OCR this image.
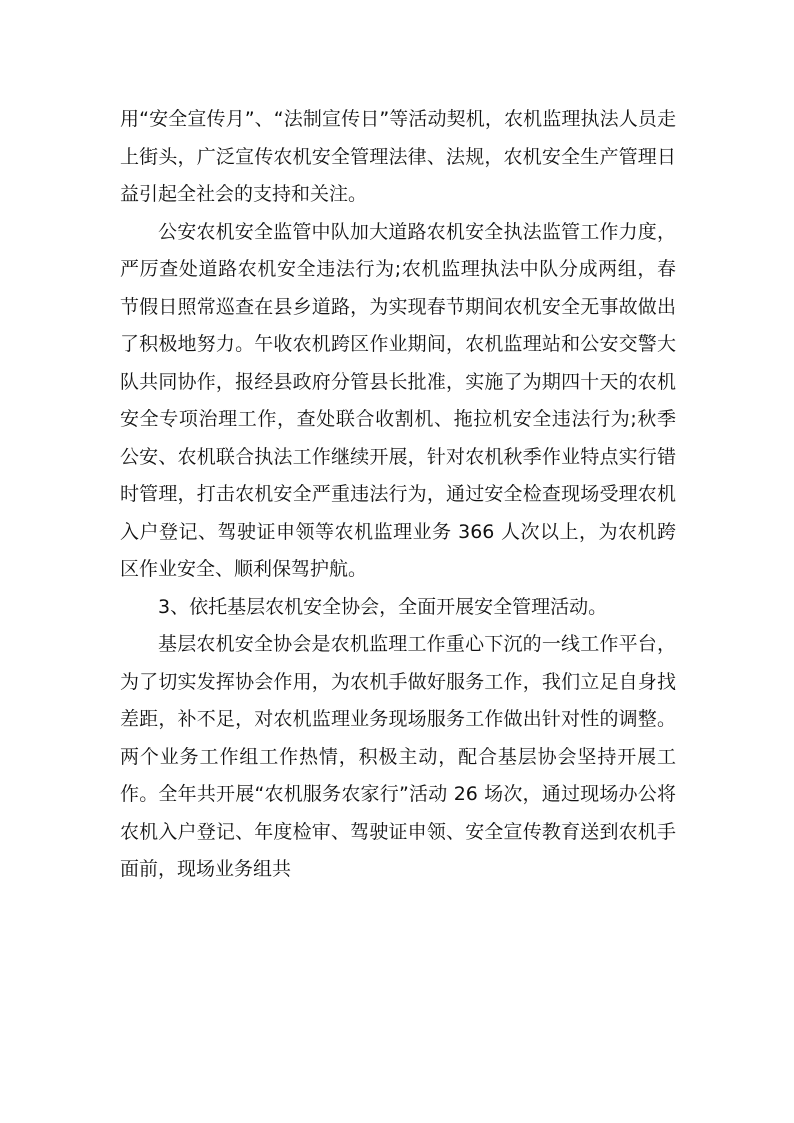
用“安全宣传月”、“法制宣传日”等活动契机，农机监理执法人员走上街头，广泛宣传农机安全管理法律、法规，农机安全生产管理日益引起全社会的支持和关注。

公安农机安全监管中队加大道路农机安全执法监管工作力度，严厉查处道路农机安全违法行为;农机监理执法中队分成两组，春节假日照常巡查在县乡道路，为实现春节期间农机安全无事故做出了积极地努力。午收农机跨区作业期间，农机监理站和公安交警大队共同协作，报经县政府分管县长批准，实施了为期四十天的农机安全专项治理工作，查处联合收割机、拖拉机安全违法行为;秋季公安、农机联合执法工作继续开展，针对农机秋季作业特点实行错时管理，打击农机安全严重违法行为，通过安全检查现场受理农机入户登记、驾驶证申领等农机监理业务 366 人次以上，为农机跨区作业安全、顺利保驾护航。

3、依托基层农机安全协会，全面开展安全管理活动。

基层农机安全协会是农机监理工作重心下沉的一线工作平台，为了切实发挥协会作用，为农机手做好服务工作，我们立足自身找差距，补不足，对农机监理业务现场服务工作做出针对性的调整。两个业务工作组工作热情，积极主动，配合基层协会坚持开展工作。全年共开展“农机服务农家行”活动 26 场次，通过现场办公将农机入户登记、年度检审、驾驶证申领、安全宣传教育送到农机手面前，现场业务组共
